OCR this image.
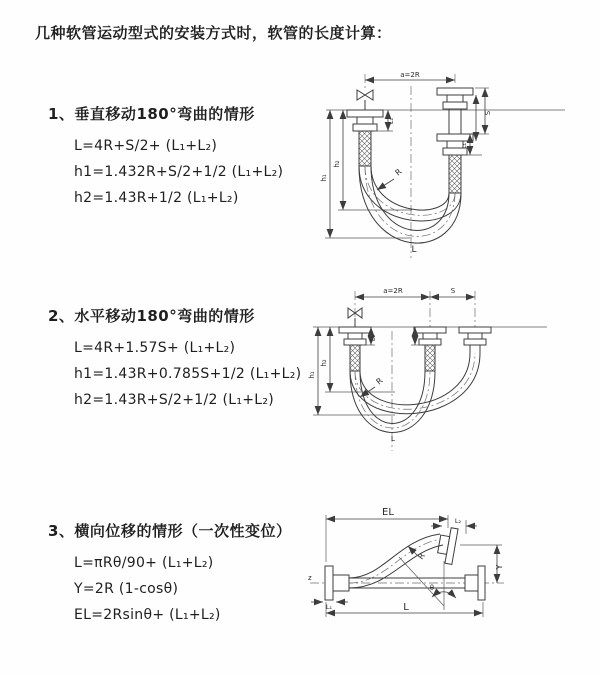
几种软管运动型式的安装方式时，软管的长度计算：
1、垂直移动180°弯曲的情形
L=4R+S/2+ (L₁+L₂)
h1=1.432R+S/2+1/2 (L₁+L₂)
h2=1.43R+1/2 (L₁+L₂)
2、水平移动180°弯曲的情形
L=4R+1.57S+ (L₁+L₂)
h1=1.43R+0.785S+1/2 (L₁+L₂)
h2=1.43R+S/2+1/2 (L₁+L₂)
3、横向位移的情形（一次性变位）
L=πRθ/90+ (L₁+L₂)
Y=2R (1-cosθ)
EL=2Rsinθ+ (L₁+L₂)
a=2R
L₁
S
L₁
h₁
h₂
R
L
a=2R	S
L₁
h₁
h₂
R
L
z
EL
L₂
Y
R
θ
L
L₁
